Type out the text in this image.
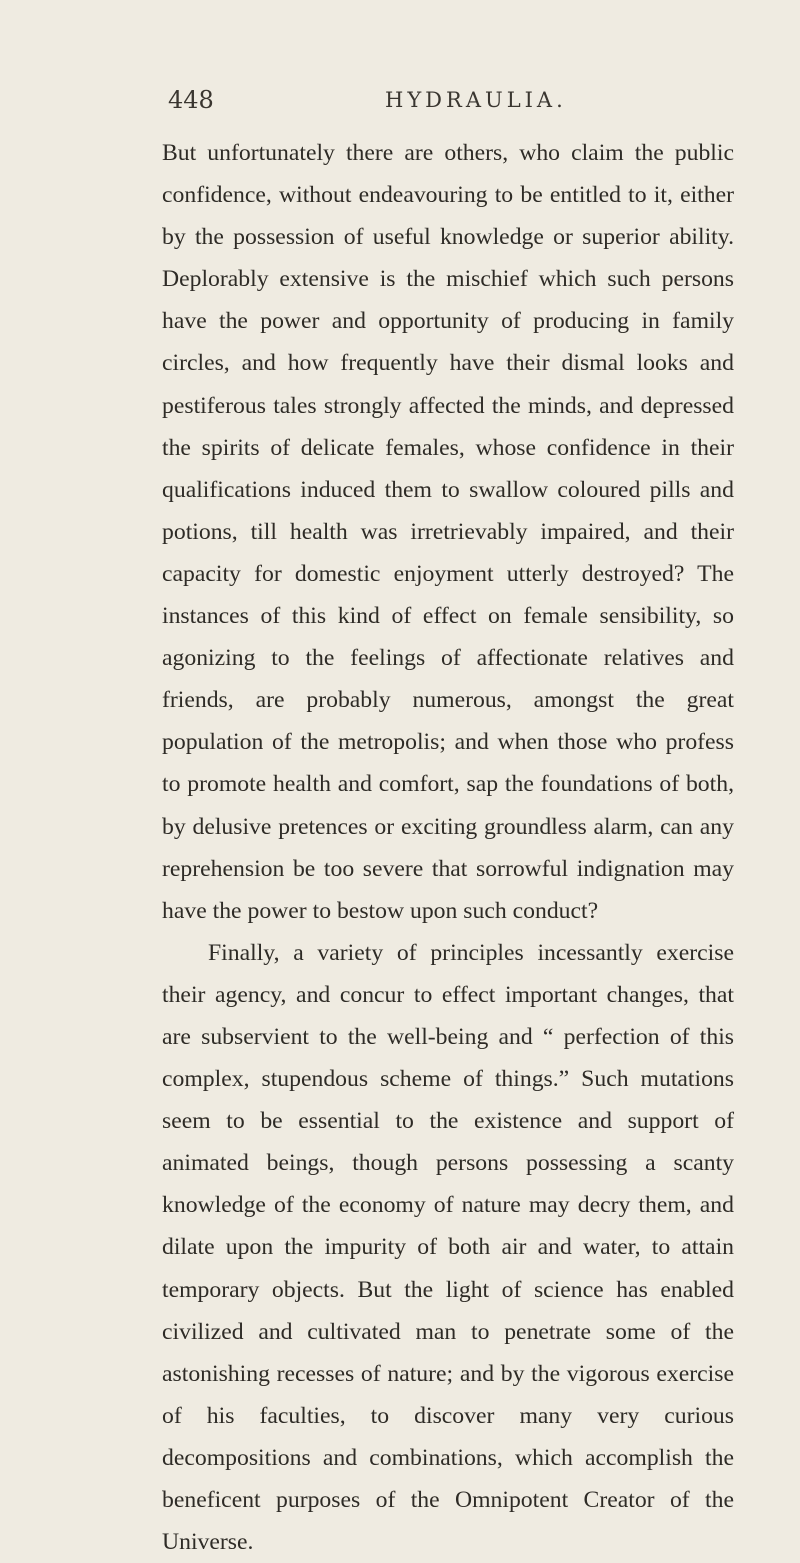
448	HYDRAULIA.

But unfortunately there are others, who claim the public confidence, without endeavouring to be entitled to it, either by the possession of useful knowledge or superior ability. Deplorably extensive is the mischief which such persons have the power and opportunity of producing in family circles, and how frequently have their dismal looks and pestiferous tales strongly affected the minds, and depressed the spirits of delicate females, whose confidence in their qualifications induced them to swallow coloured pills and potions, till health was irretrievably impaired, and their capacity for domestic enjoyment utterly destroyed? The instances of this kind of effect on female sensibility, so agonizing to the feelings of affectionate relatives and friends, are probably numerous, amongst the great population of the metropolis; and when those who profess to promote health and comfort, sap the foundations of both, by delusive pretences or exciting groundless alarm, can any reprehension be too severe that sorrowful indignation may have the power to bestow upon such conduct?

Finally, a variety of principles incessantly exercise their agency, and concur to effect important changes, that are subservient to the well-being and “ perfection of this complex, stupendous scheme of things.” Such mutations seem to be essential to the existence and support of animated beings, though persons possessing a scanty knowledge of the economy of nature may decry them, and dilate upon the impurity of both air and water, to attain temporary objects. But the light of science has enabled civilized and cultivated man to penetrate some of the astonishing recesses of nature; and by the vigorous exercise of his faculties, to discover many very curious decompositions and combinations, which accomplish the beneficent purposes of the Omnipotent Creator of the Universe.
